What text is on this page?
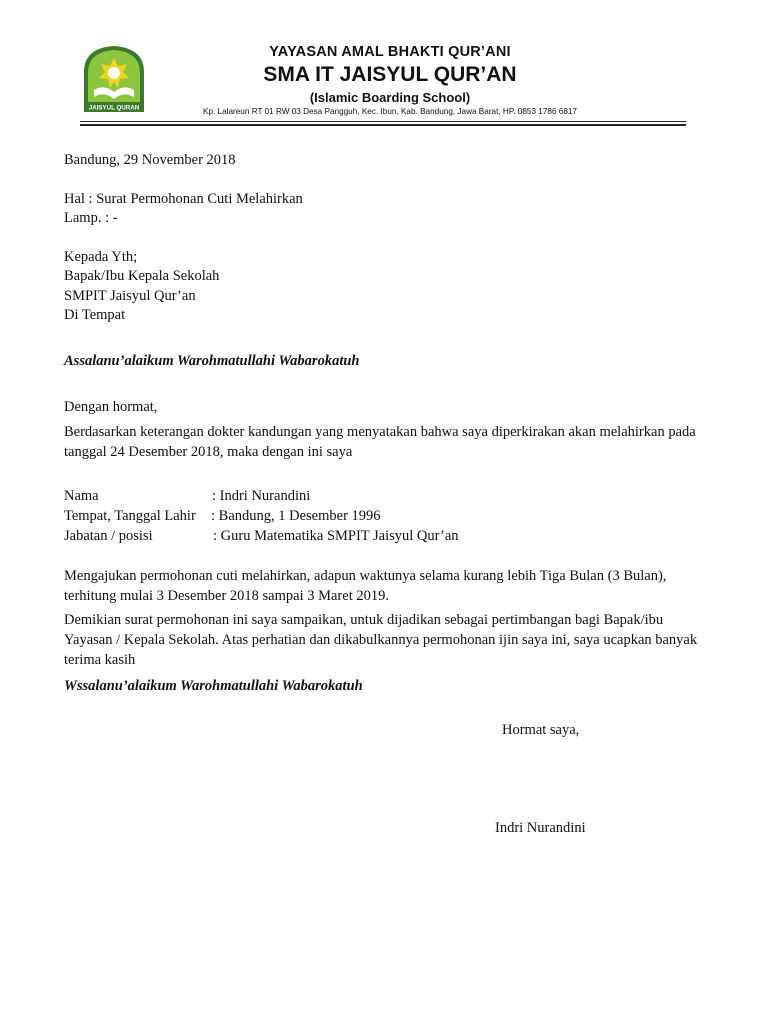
JAISYUL QURAN
YAYASAN AMAL BHAKTI QUR’ANI
SMA IT JAISYUL QUR’AN
(Islamic Boarding School)
Kp. Lalareun RT 01 RW 03 Desa Pangguh, Kec. Ibun, Kab. Bandung, Jawa Barat, HP. 0853 1786 6817
Bandung, 29 November 2018
Hal : Surat Permohonan Cuti Melahirkan
Lamp. : -
Kepada Yth;
Bapak/Ibu Kepala Sekolah
SMPIT Jaisyul Qur’an
Di Tempat
Assalanu’alaikum Warohmatullahi Wabarokatuh
Dengan hormat,
Berdasarkan keterangan dokter kandungan yang menyatakan bahwa saya diperkirakan akan melahirkan pada tanggal 24 Desember 2018, maka dengan ini saya
Nama	: Indri Nurandini
Tempat, Tanggal Lahir : Bandung, 1 Desember 1996
Jabatan / posisi	: Guru Matematika SMPIT Jaisyul Qur’an
Mengajukan permohonan cuti melahirkan, adapun waktunya selama kurang lebih Tiga Bulan (3 Bulan), terhitung mulai 3 Desember 2018 sampai 3 Maret 2019.
Demikian surat permohonan ini saya sampaikan, untuk dijadikan sebagai pertimbangan bagi Bapak/ibu Yayasan / Kepala Sekolah. Atas perhatian dan dikabulkannya permohonan ijin saya ini, saya ucapkan banyak terima kasih
Wssalanu’alaikum Warohmatullahi Wabarokatuh
Hormat saya,
Indri Nurandini
